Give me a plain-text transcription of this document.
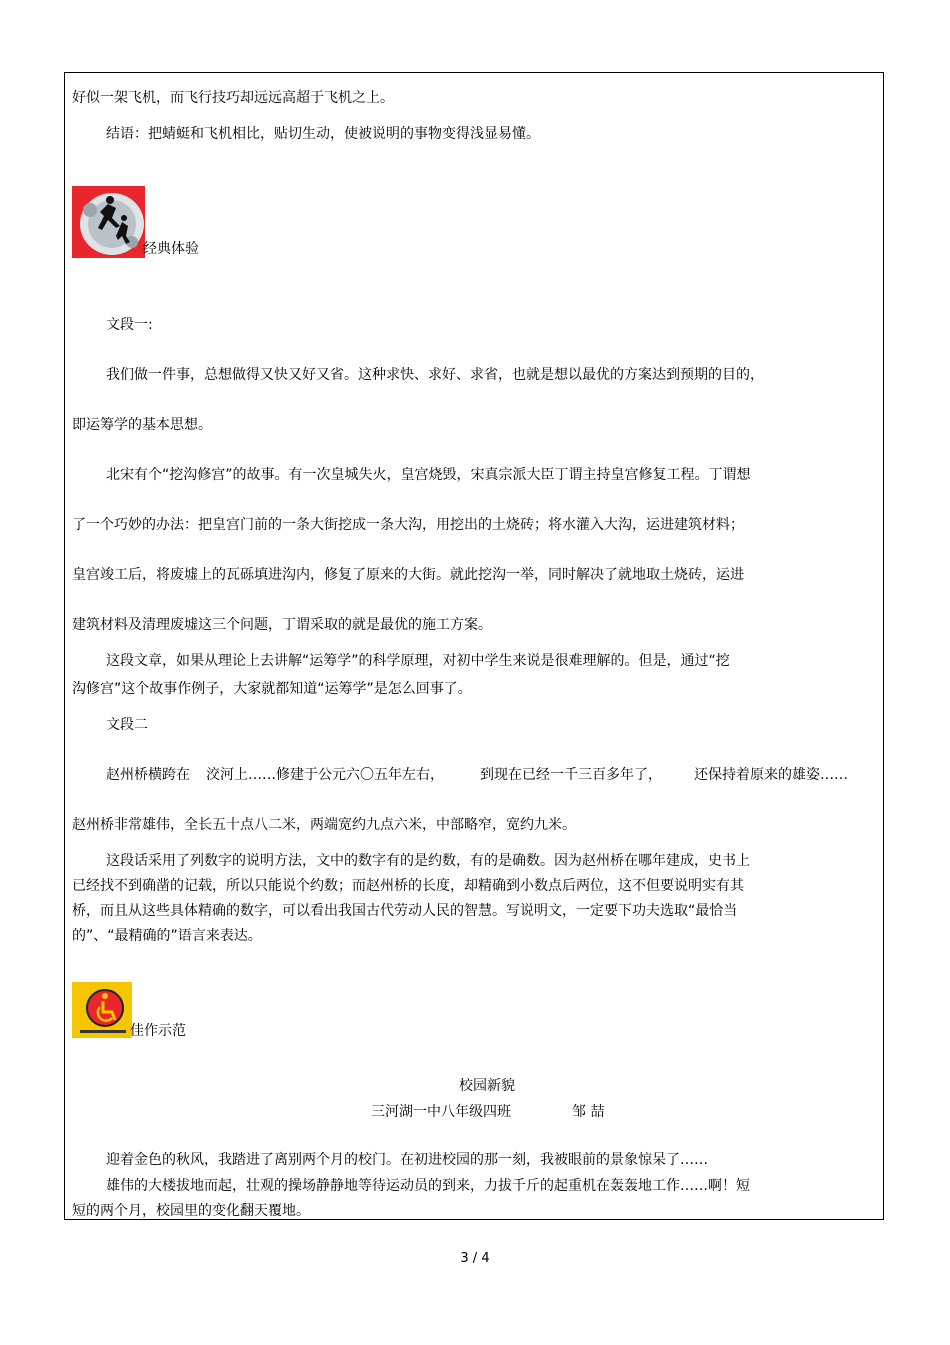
好似一架飞机，而飞行技巧却远远高超于飞机之上。
结语：把蜻蜓和飞机相比，贴切生动，使被说明的事物变得浅显易懂。
经典体验
文段一:
我们做一件事，总想做得又快又好又省。这种求快、求好、求省，也就是想以最优的方案达到预期的目的，
即运筹学的基本思想。
北宋有个“挖沟修宫”的故事。有一次皇城失火，皇宫烧毁，宋真宗派大臣丁谓主持皇宫修复工程。丁谓想
了一个巧妙的办法：把皇宫门前的一条大街挖成一条大沟，用挖出的土烧砖；将水灌入大沟，运进建筑材料；
皇宫竣工后，将废墟上的瓦砾填进沟内，修复了原来的大街。就此挖沟一举，同时解决了就地取土烧砖，运进
建筑材料及清理废墟这三个问题，丁谓采取的就是最优的施工方案。
这段文章，如果从理论上去讲解“运筹学”的科学原理，对初中学生来说是很难理解的。但是，通过“挖
沟修宫”这个故事作例子，大家就都知道“运筹学”是怎么回事了。
文段二
赵州桥横跨在 洨河上……修建于公元六〇五年左右，	到现在已经一千三百多年了， 还保持着原来的雄姿……
赵州桥非常雄伟，全长五十点八二米，两端宽约九点六米，中部略窄，宽约九米。
这段话采用了列数字的说明方法，文中的数字有的是约数，有的是确数。因为赵州桥在哪年建成，史书上
已经找不到确凿的记载，所以只能说个约数；而赵州桥的长度，却精确到小数点后两位，这不但要说明实有其
桥，而且从这些具体精确的数字，可以看出我国古代劳动人民的智慧。写说明文，一定要下功夫选取“最恰当
的”、“最精确的”语言来表达。
佳作示范
校园新貌
三河湖一中八年级四班	邹 喆
迎着金色的秋风，我踏进了离别两个月的校门。在初进校园的那一刻，我被眼前的景象惊呆了……
雄伟的大楼拔地而起，壮观的操场静静地等待运动员的到来，力拔千斤的起重机在轰轰地工作……啊！短
短的两个月，校园里的变化翻天覆地。
3 / 4
